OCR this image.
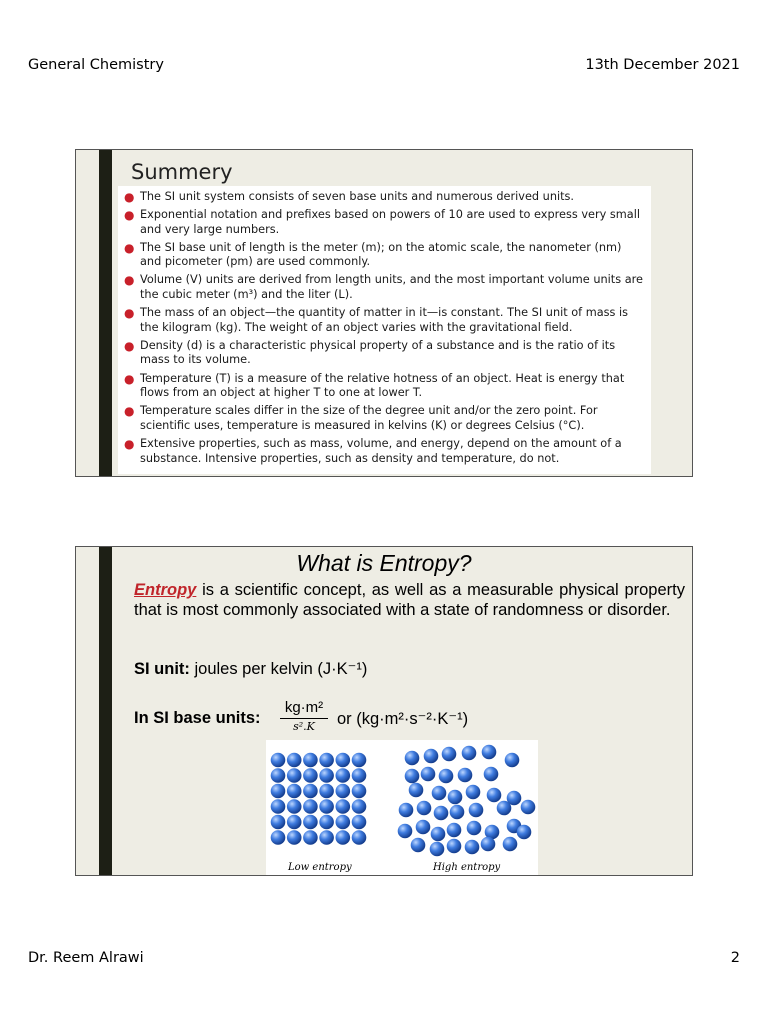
General Chemistry	13th December 2021
Summery
● The SI unit system consists of seven base units and numerous derived units.
● Exponential notation and prefixes based on powers of 10 are used to express very small and very large numbers.
● The SI base unit of length is the meter (m); on the atomic scale, the nanometer (nm) and picometer (pm) are used commonly.
● Volume (V) units are derived from length units, and the most important volume units are the cubic meter (m³) and the liter (L).
● The mass of an object—the quantity of matter in it—is constant. The SI unit of mass is the kilogram (kg). The weight of an object varies with the gravitational field.
● Density (d) is a characteristic physical property of a substance and is the ratio of its mass to its volume.
● Temperature (T) is a measure of the relative hotness of an object. Heat is energy that flows from an object at higher T to one at lower T.
● Temperature scales differ in the size of the degree unit and/or the zero point. For scientific uses, temperature is measured in kelvins (K) or degrees Celsius (°C).
● Extensive properties, such as mass, volume, and energy, depend on the amount of a substance. Intensive properties, such as density and temperature, do not.
What is Entropy?

Entropy is a scientific concept, as well as a measurable physical property that is most commonly associated with a state of randomness or disorder.

SI unit: joules per kelvin (J·K⁻¹)
In SI base units:
kg·m²
s².K	or (kg·m²·s⁻²·K⁻¹)
Low entropy	High entropy
Dr. Reem Alrawi	2
